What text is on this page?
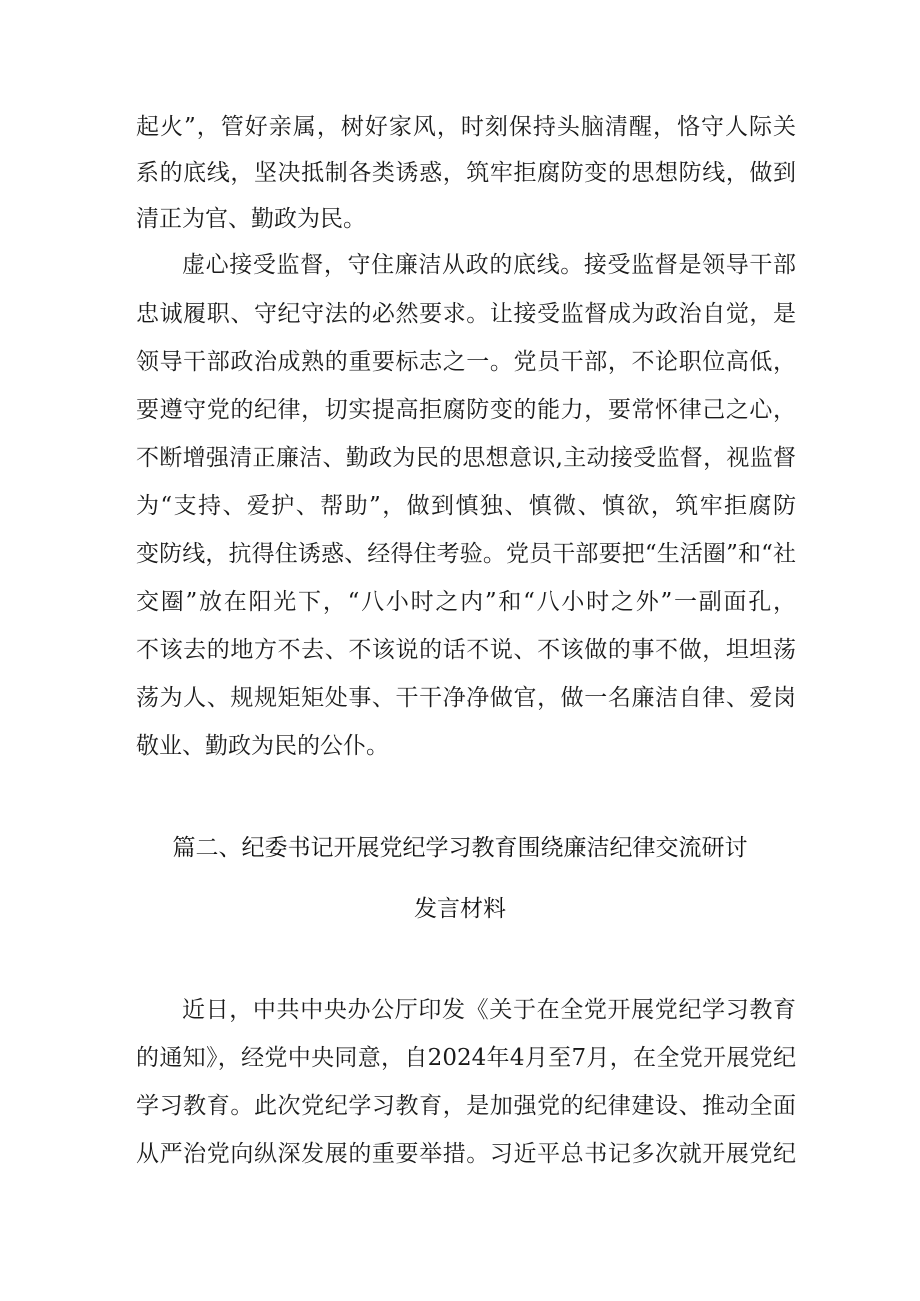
起火”，管好亲属，树好家风，时刻保持头脑清醒，恪守人际关
系的底线，坚决抵制各类诱惑，筑牢拒腐防变的思想防线，做到
清正为官、勤政为民。
虚心接受监督，守住廉洁从政的底线。接受监督是领导干部
忠诚履职、守纪守法的必然要求。让接受监督成为政治自觉，是
领导干部政治成熟的重要标志之一。党员干部，不论职位高低，
要遵守党的纪律，切实提高拒腐防变的能力，要常怀律己之心，
不断增强清正廉洁、勤政为民的思想意识,主动接受监督，视监督
为“支持、爱护、帮助”，做到慎独、慎微、慎欲，筑牢拒腐防
变防线，抗得住诱惑、经得住考验。党员干部要把“生活圈”和“社
交圈”放在阳光下，“八小时之内”和“八小时之外”一副面孔，
不该去的地方不去、不该说的话不说、不该做的事不做，坦坦荡
荡为人、规规矩矩处事、干干净净做官，做一名廉洁自律、爱岗
敬业、勤政为民的公仆。
篇二、纪委书记开展党纪学习教育围绕廉洁纪律交流研讨
发言材料
近日，中共中央办公厅印发《关于在全党开展党纪学习教育
的通知》，经党中央同意，自2024年4月至7月，在全党开展党纪
学习教育。此次党纪学习教育，是加强党的纪律建设、推动全面
从严治党向纵深发展的重要举措。习近平总书记多次就开展党纪
